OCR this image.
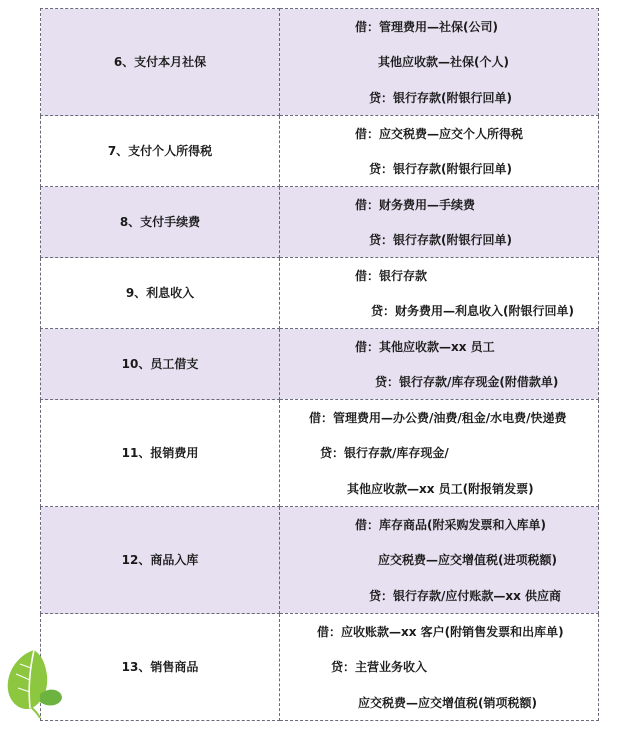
6、支付本月社保	借：管理费用—社保(公司)
其他应收款—社保(个人)
贷：银行存款(附银行回单)

7、支付个人所得税	借：应交税费—应交个人所得税
贷：银行存款(附银行回单)

8、支付手续费	借：财务费用—手续费
贷：银行存款(附银行回单)

9、利息收入	借：银行存款
贷：财务费用—利息收入(附银行回单)

10、员工借支	借：其他应收款—xx 员工
贷：银行存款/库存现金(附借款单)

11、报销费用	借：管理费用—办公费/油费/租金/水电费/快递费
贷：银行存款/库存现金/
其他应收款—xx 员工(附报销发票)

12、商品入库	借：库存商品(附采购发票和入库单)
应交税费—应交增值税(进项税额)
贷：银行存款/应付账款—xx 供应商

13、销售商品	借：应收账款—xx 客户(附销售发票和出库单)
贷：主营业务收入
应交税费—应交增值税(销项税额)
